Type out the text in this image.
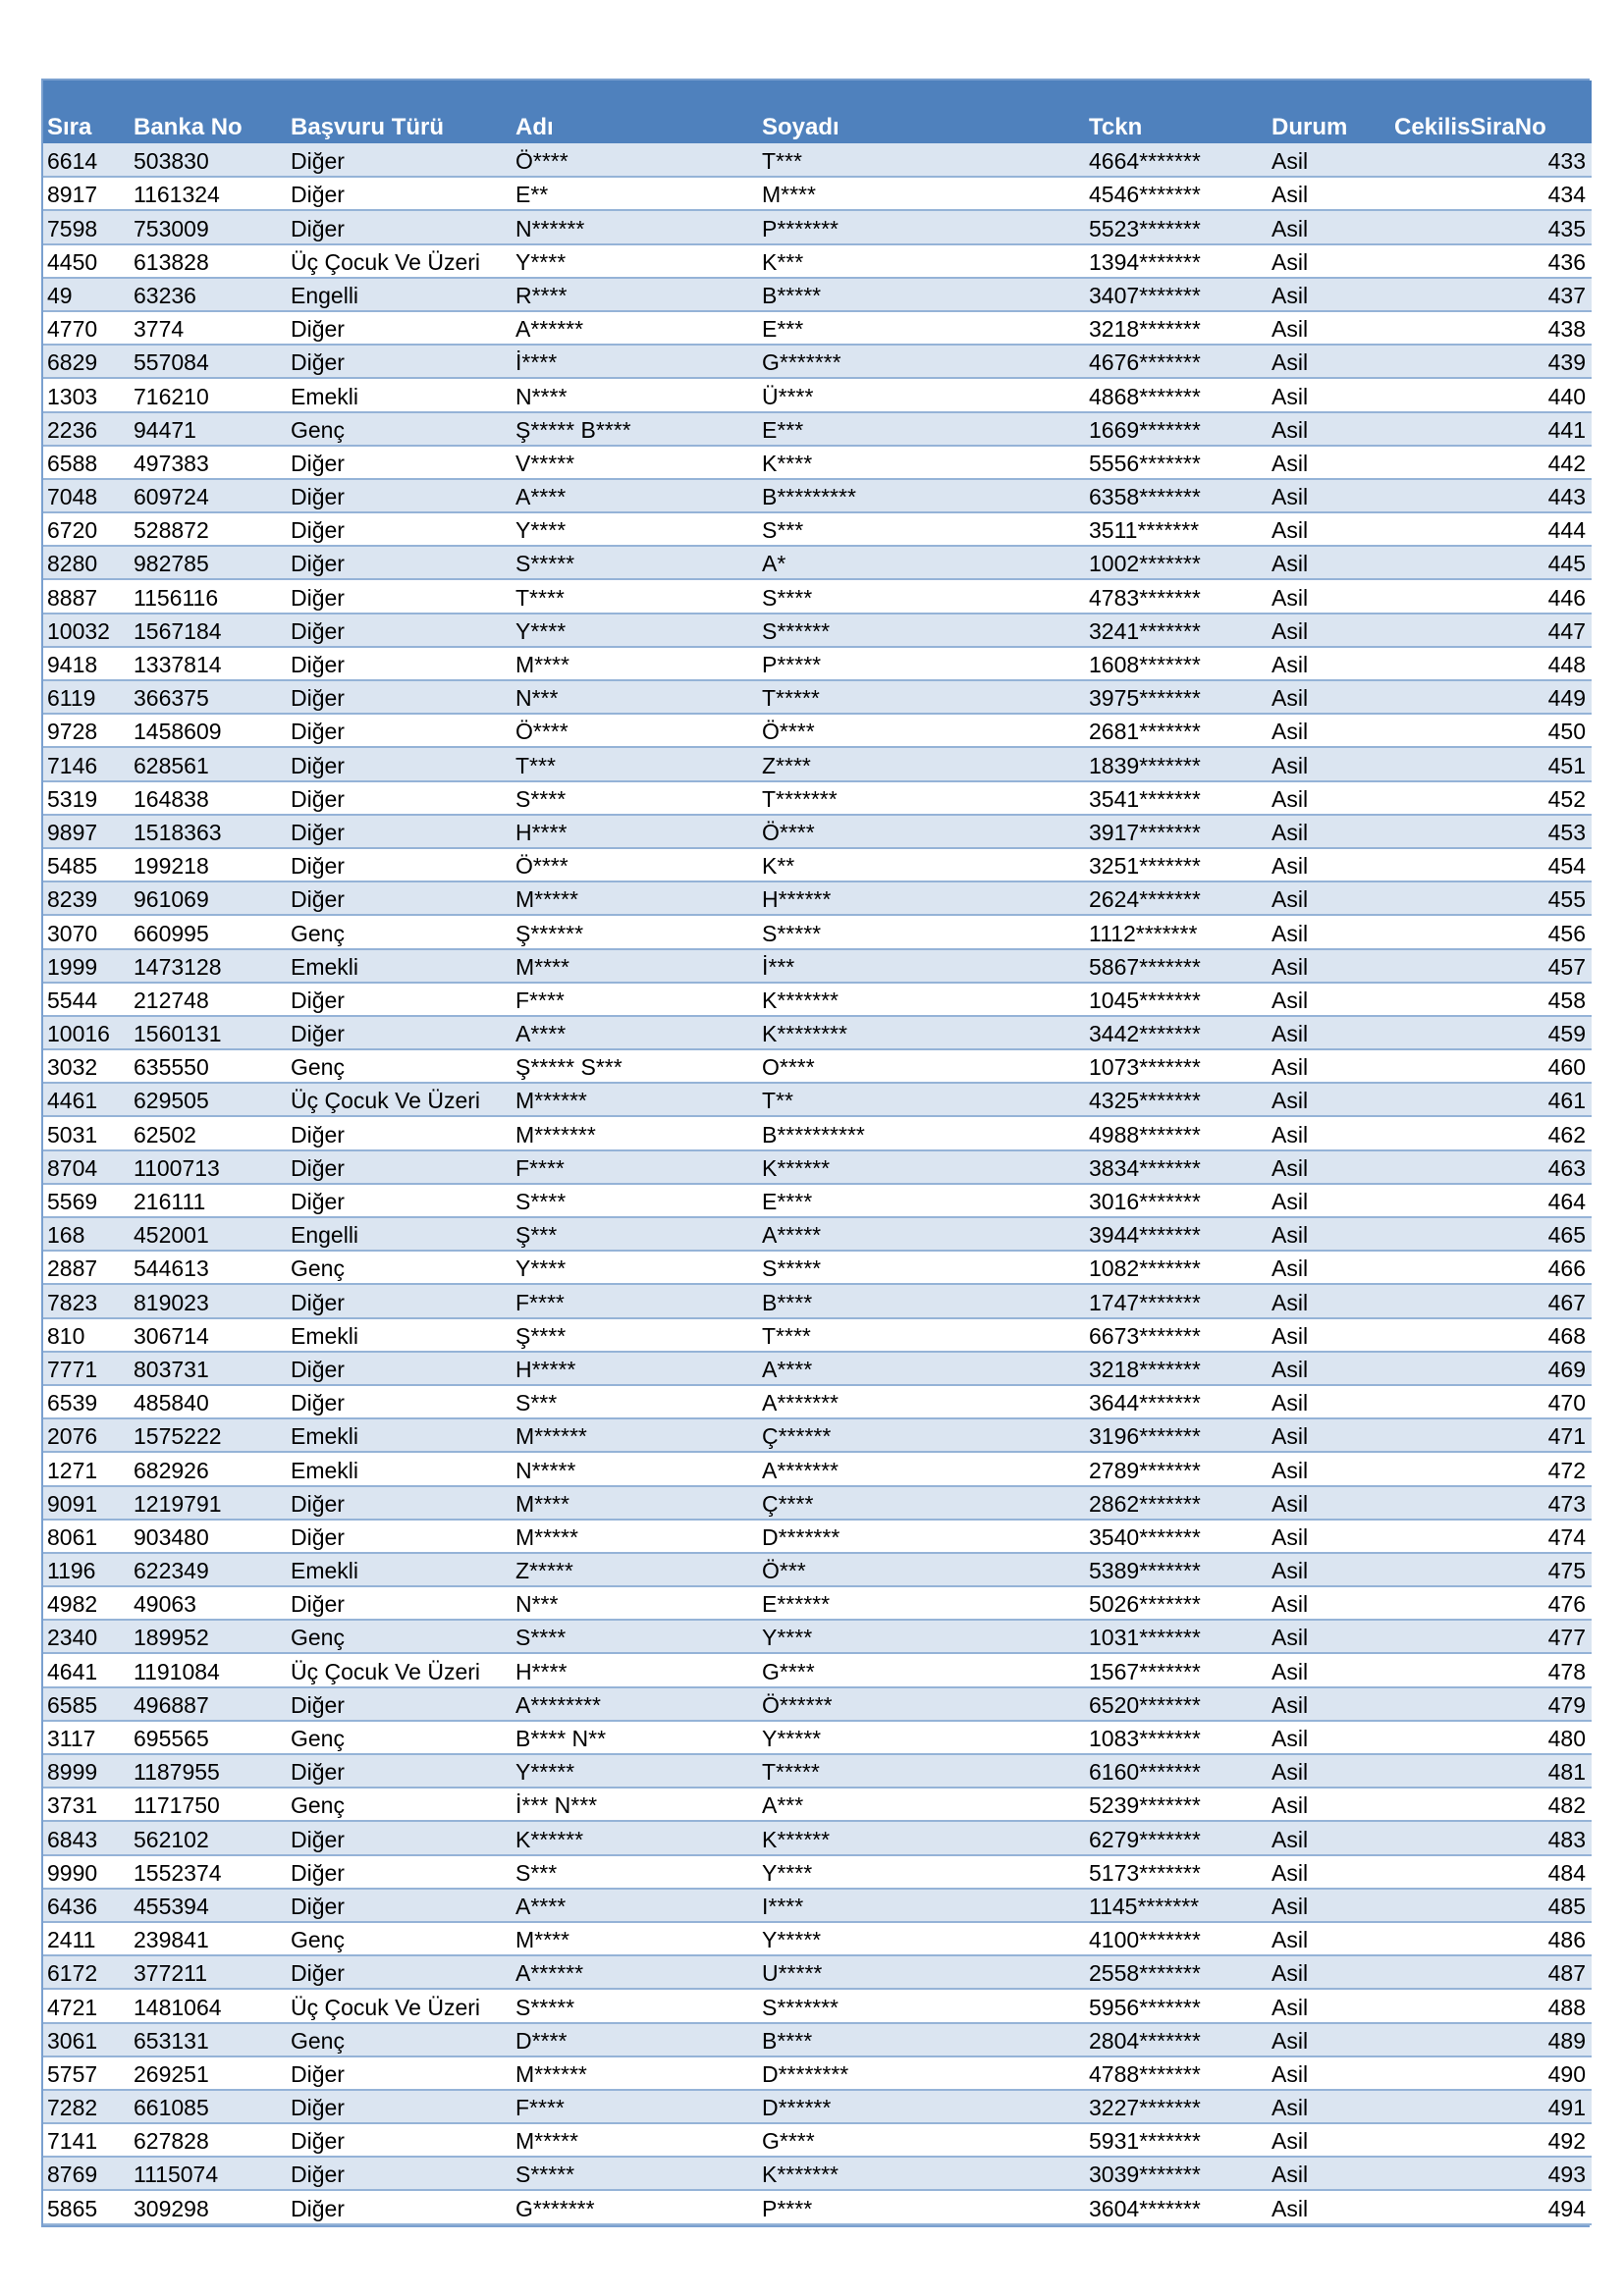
Sıra	Banka No	Başvuru Türü	Adı	Soyadı	Tckn	Durum	CekilisSiraNo
6614	503830	Diğer	Ö****	T***	4664*******	Asil	433
8917	1161324	Diğer	E**	M****	4546*******	Asil	434
7598	753009	Diğer	N******	P*******	5523*******	Asil	435
4450	613828	Üç Çocuk Ve Üzeri	Y****	K***	1394*******	Asil	436
49	63236	Engelli	R****	B*****	3407*******	Asil	437
4770	3774	Diğer	A******	E***	3218*******	Asil	438
6829	557084	Diğer	İ****	G*******	4676*******	Asil	439
1303	716210	Emekli	N****	Ü****	4868*******	Asil	440
2236	94471	Genç	Ş***** B****	E***	1669*******	Asil	441
6588	497383	Diğer	V*****	K****	5556*******	Asil	442
7048	609724	Diğer	A****	B*********	6358*******	Asil	443
6720	528872	Diğer	Y****	S***	3511*******	Asil	444
8280	982785	Diğer	S*****	A*	1002*******	Asil	445
8887	1156116	Diğer	T****	S****	4783*******	Asil	446
10032	1567184	Diğer	Y****	S******	3241*******	Asil	447
9418	1337814	Diğer	M****	P*****	1608*******	Asil	448
6119	366375	Diğer	N***	T*****	3975*******	Asil	449
9728	1458609	Diğer	Ö****	Ö****	2681*******	Asil	450
7146	628561	Diğer	T***	Z****	1839*******	Asil	451
5319	164838	Diğer	S****	T*******	3541*******	Asil	452
9897	1518363	Diğer	H****	Ö****	3917*******	Asil	453
5485	199218	Diğer	Ö****	K**	3251*******	Asil	454
8239	961069	Diğer	M*****	H******	2624*******	Asil	455
3070	660995	Genç	Ş******	S*****	1112*******	Asil	456
1999	1473128	Emekli	M****	İ***	5867*******	Asil	457
5544	212748	Diğer	F****	K*******	1045*******	Asil	458
10016	1560131	Diğer	A****	K********	3442*******	Asil	459
3032	635550	Genç	Ş***** S***	O****	1073*******	Asil	460
4461	629505	Üç Çocuk Ve Üzeri	M******	T**	4325*******	Asil	461
5031	62502	Diğer	M*******	B**********	4988*******	Asil	462
8704	1100713	Diğer	F****	K******	3834*******	Asil	463
5569	216111	Diğer	S****	E****	3016*******	Asil	464
168	452001	Engelli	Ş***	A*****	3944*******	Asil	465
2887	544613	Genç	Y****	S*****	1082*******	Asil	466
7823	819023	Diğer	F****	B****	1747*******	Asil	467
810	306714	Emekli	Ş****	T****	6673*******	Asil	468
7771	803731	Diğer	H*****	A****	3218*******	Asil	469
6539	485840	Diğer	S***	A*******	3644*******	Asil	470
2076	1575222	Emekli	M******	Ç******	3196*******	Asil	471
1271	682926	Emekli	N*****	A*******	2789*******	Asil	472
9091	1219791	Diğer	M****	Ç****	2862*******	Asil	473
8061	903480	Diğer	M*****	D*******	3540*******	Asil	474
1196	622349	Emekli	Z*****	Ö***	5389*******	Asil	475
4982	49063	Diğer	N***	E******	5026*******	Asil	476
2340	189952	Genç	S****	Y****	1031*******	Asil	477
4641	1191084	Üç Çocuk Ve Üzeri	H****	G****	1567*******	Asil	478
6585	496887	Diğer	A********	Ö******	6520*******	Asil	479
3117	695565	Genç	B**** N**	Y*****	1083*******	Asil	480
8999	1187955	Diğer	Y*****	T*****	6160*******	Asil	481
3731	1171750	Genç	İ*** N***	A***	5239*******	Asil	482
6843	562102	Diğer	K******	K******	6279*******	Asil	483
9990	1552374	Diğer	S***	Y****	5173*******	Asil	484
6436	455394	Diğer	A****	I****	1145*******	Asil	485
2411	239841	Genç	M****	Y*****	4100*******	Asil	486
6172	377211	Diğer	A******	U*****	2558*******	Asil	487
4721	1481064	Üç Çocuk Ve Üzeri	S*****	S*******	5956*******	Asil	488
3061	653131	Genç	D****	B****	2804*******	Asil	489
5757	269251	Diğer	M******	D********	4788*******	Asil	490
7282	661085	Diğer	F****	D******	3227*******	Asil	491
7141	627828	Diğer	M*****	G****	5931*******	Asil	492
8769	1115074	Diğer	S*****	K*******	3039*******	Asil	493
5865	309298	Diğer	G*******	P****	3604*******	Asil	494
